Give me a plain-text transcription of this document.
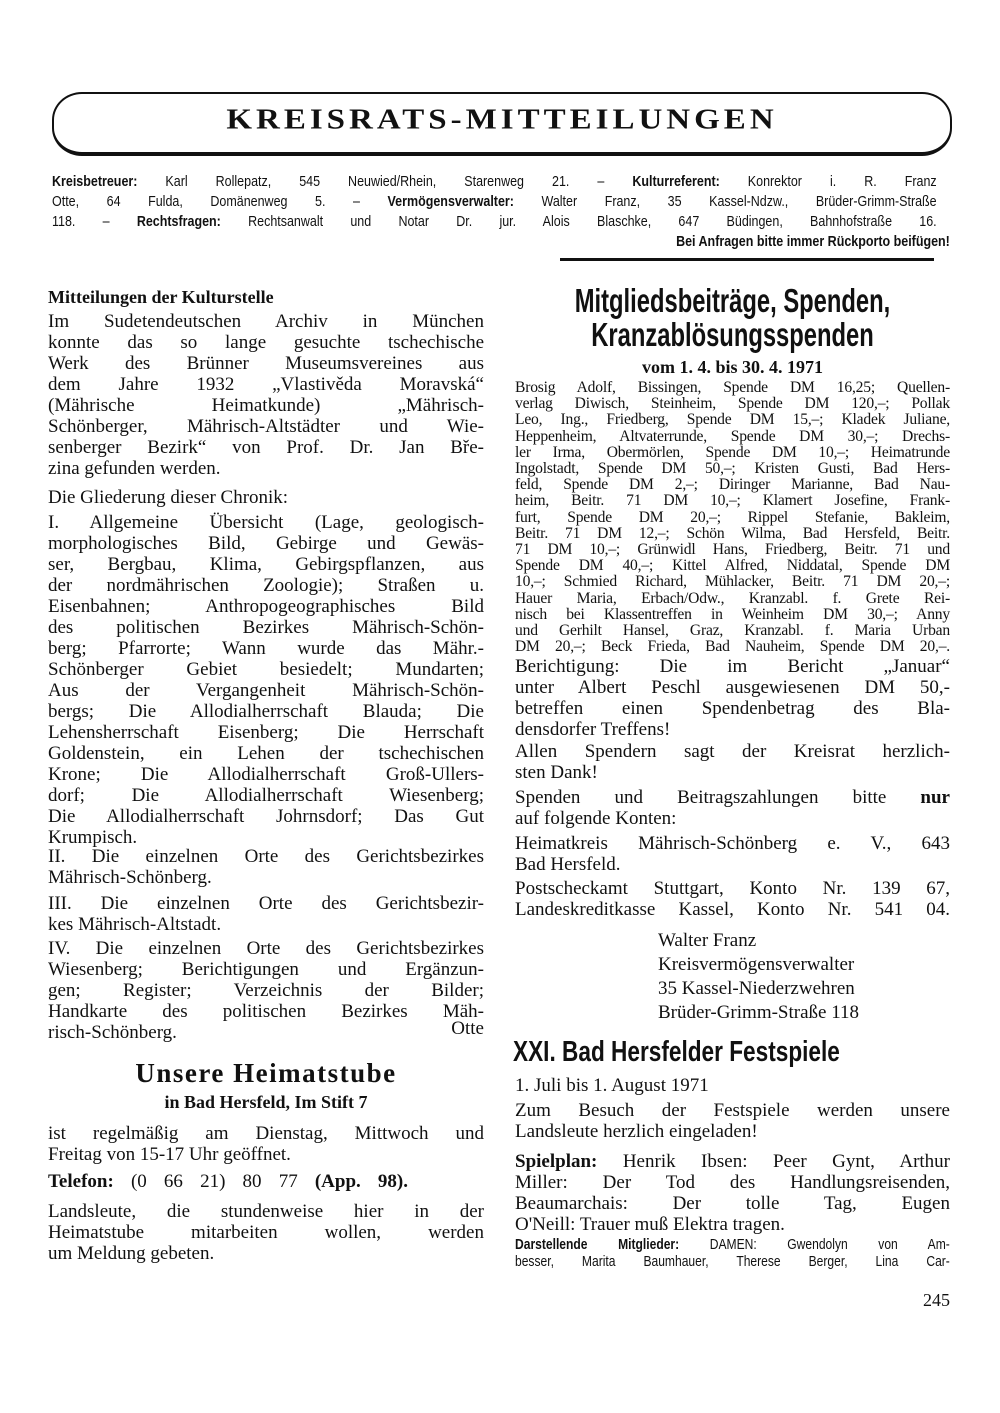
KREISRATS-MITTEILUNGEN
Kreisbetreuer: Karl Rollepatz, 545 Neuwied/Rhein, Starenweg 21. – Kulturreferent: Konrektor i. R. Franz
Otte, 64 Fulda, Domänenweg 5. – Vermögensverwalter: Walter Franz, 35 Kassel-Ndzw., Brüder-Grimm-Straße
118. – Rechtsfragen: Rechtsanwalt und Notar Dr. jur. Alois Blaschke, 647 Büdingen, Bahnhofstraße 16.
Bei Anfragen bitte immer Rückporto beifügen!
Mitteilungen der Kulturstelle
Im Sudetendeutschen Archiv in München
konnte das so lange gesuchte tschechische
Werk des Brünner Museumsvereines aus
dem Jahre 1932 „Vlastivěda Moravská“
(Mährische Heimatkunde) „Mährisch-
Schönberger, Mährisch-Altstädter und Wie-
senberger Bezirk“ von Prof. Dr. Jan Bře-
zina gefunden werden.
Die Gliederung dieser Chronik:
I. Allgemeine Übersicht (Lage, geologisch-
morphologisches Bild, Gebirge und Gewäs-
ser, Bergbau, Klima, Gebirgspflanzen, aus
der nordmährischen Zoologie); Straßen u.
Eisenbahnen; Anthropogeographisches Bild
des politischen Bezirkes Mährisch-Schön-
berg; Pfarrorte; Wann wurde das Mähr.-
Schönberger Gebiet besiedelt; Mundarten;
Aus der Vergangenheit Mährisch-Schön-
bergs; Die Allodialherrschaft Blauda; Die
Lehensherrschaft Eisenberg; Die Herrschaft
Goldenstein, ein Lehen der tschechischen
Krone; Die Allodialherrschaft Groß-Ullers-
dorf; Die Allodialherrschaft Wiesenberg;
Die Allodialherrschaft Johrnsdorf; Das Gut
Krumpisch.
II. Die einzelnen Orte des Gerichtsbezirkes
Mährisch-Schönberg.
III. Die einzelnen Orte des Gerichtsbezir-
kes Mährisch-Altstadt.
IV. Die einzelnen Orte des Gerichtsbezirkes
Wiesenberg; Berichtigungen und Ergänzun-
gen; Register; Verzeichnis der Bilder;
Handkarte des politischen Bezirkes Mäh-
risch-Schönberg.	Otte
Unsere Heimatstube
in Bad Hersfeld, Im Stift 7
ist regelmäßig am Dienstag, Mittwoch und
Freitag von 15-17 Uhr geöffnet.
Telefon: (0 66 21) 80 77 (App. 98).
Landsleute, die stundenweise hier in der
Heimatstube mitarbeiten wollen, werden
um Meldung gebeten.
Mitgliedsbeiträge, Spenden,
Kranzablösungsspenden
vom 1. 4. bis 30. 4. 1971
Brosig Adolf, Bissingen, Spende DM 16,25; Quellen-
verlag Diwisch, Steinheim, Spende DM 120,–; Pollak
Leo, Ing., Friedberg, Spende DM 15,–; Kladek Juliane,
Heppenheim, Altvaterrunde, Spende DM 30,–; Drechs-
ler Irma, Obermörlen, Spende DM 10,–; Heimatrunde
Ingolstadt, Spende DM 50,–; Kristen Gusti, Bad Hers-
feld, Spende DM 2,–; Diringer Marianne, Bad Nau-
heim, Beitr. 71 DM 10,–; Klamert Josefine, Frank-
furt, Spende DM 20,–; Rippel Stefanie, Bakleim,
Beitr. 71 DM 12,–; Schön Wilma, Bad Hersfeld, Beitr.
71 DM 10,–; Grünwidl Hans, Friedberg, Beitr. 71 und
Spende DM 40,–; Kittel Alfred, Niddatal, Spende DM
10,–; Schmied Richard, Mühlacker, Beitr. 71 DM 20,–;
Hauer Maria, Erbach/Odw., Kranzabl. f. Grete Rei-
nisch bei Klassentreffen in Weinheim DM 30,–; Anny
und Gerhilt Hansel, Graz, Kranzabl. f. Maria Urban
DM 20,–; Beck Frieda, Bad Nauheim, Spende DM 20,–.
Berichtigung: Die im Bericht „Januar“
unter Albert Peschl ausgewiesenen DM 50,-
betreffen einen Spendenbetrag des Bla-
densdorfer Treffens!
Allen Spendern sagt der Kreisrat herzlich-
sten Dank!
Spenden und Beitragszahlungen bitte nur
auf folgende Konten:
Heimatkreis Mährisch-Schönberg e. V., 643
Bad Hersfeld.
Postscheckamt Stuttgart, Konto Nr. 139 67,
Landeskreditkasse Kassel, Konto Nr. 541 04.
Walter Franz
Kreisvermögensverwalter
35 Kassel-Niederzwehren
Brüder-Grimm-Straße 118
XXI. Bad Hersfelder Festspiele
1. Juli bis 1. August 1971
Zum Besuch der Festspiele werden unsere
Landsleute herzlich eingeladen!
Spielplan: Henrik Ibsen: Peer Gynt, Arthur
Miller: Der Tod des Handlungsreisenden,
Beaumarchais: Der tolle Tag, Eugen
O'Neill: Trauer muß Elektra tragen.
Darstellende Mitglieder: DAMEN: Gwendolyn von Am-
besser, Marita Baumhauer, Therese Berger, Lina Car-
245
